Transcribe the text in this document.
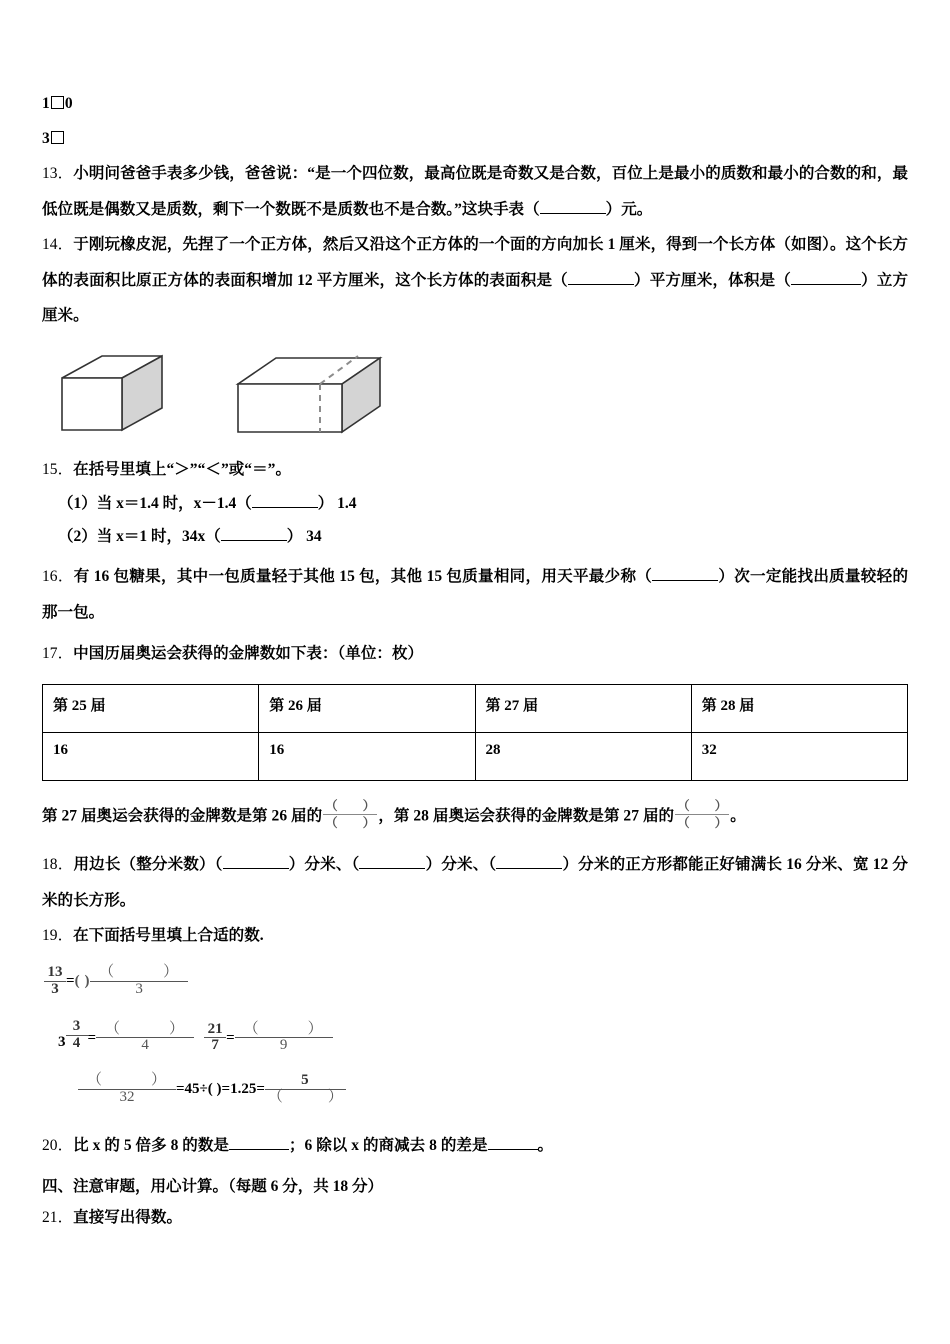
1 0
3
13．小明问爸爸手表多少钱，爸爸说：“是一个四位数，最高位既是奇数又是合数，百位上是最小的质数和最小的合数的和，最低位既是偶数又是质数，剩下一个数既不是质数也不是合数。”这块手表（	）元。
14．于刚玩橡皮泥，先捏了一个正方体，然后又沿这个正方体的一个面的方向加长 1 厘米，得到一个长方体（如图）。这个长方体的表面积比原正方体的表面积增加 12 平方厘米，这个长方体的表面积是（	）平方厘米，体积是（	）立方厘米。
15．在括号里填上“＞”“＜”或“＝”。
（1）当 x＝1.4 时，x－1.4（	） 1.4
（2）当 x＝1 时，34x（	） 34
16．有 16 包糖果，其中一包质量轻于其他 15 包，其他 15 包质量相同，用天平最少称（	）次一定能找出质量较轻的那一包。
17．中国历届奥运会获得的金牌数如下表：（单位：枚）
第 25 届	第 26 届	第 27 届	第 28 届
16	16	28	32
第 27 届奥运会获得的金牌数是第 26 届的 $\frac{( )}{( )}$ ，第 28 届奥运会获得的金牌数是第 27 届的 $\frac{( )}{( )}$ 。
18．用边长（整分米数）（	）分米、（	）分米、（	）分米的正方形都能正好铺满长 16 分米、宽 12 分米的长方形。
19．在下面括号里填上合适的数.
$\frac{13}{3}$ =( ) $\frac{( )}{3}$
$3 \frac{3}{4} = \frac{( )}{4} \frac{21}{7} = \frac{( )}{9}$
$\frac{( )}{32} =45\div$( )$=1.25= \frac{5}{( )}$
20．比 x 的 5 倍多 8 的数是	；6 除以 x 的商减去 8 的差是	。
四、注意审题，用心计算。（每题 6 分，共 18 分）
21．直接写出得数。
